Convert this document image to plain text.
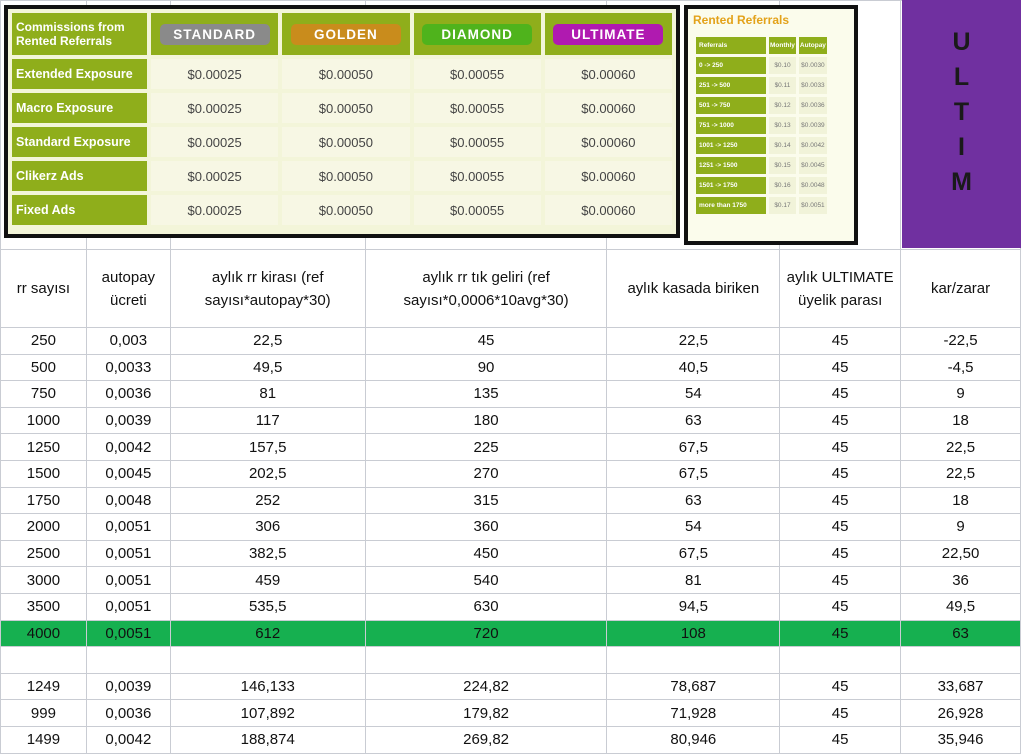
rr sayısı	autopay ücreti	aylık rr kirası (ref sayısı*autopay*30)	aylık rr tık geliri (ref sayısı*0,0006*10avg*30)	aylık kasada biriken	aylık ULTIMATE üyelik parası	kar/zarar
250	0,003	22,5	45	22,5	45	-22,5
500	0,0033	49,5	90	40,5	45	-4,5
750	0,0036	81	135	54	45	9
1000	0,0039	117	180	63	45	18
1250	0,0042	157,5	225	67,5	45	22,5
1500	0,0045	202,5	270	67,5	45	22,5
1750	0,0048	252	315	63	45	18
2000	0,0051	306	360	54	45	9
2500	0,0051	382,5	450	67,5	45	22,50
3000	0,0051	459	540	81	45	36
3500	0,0051	535,5	630	94,5	45	49,5
4000	0,0051	612	720	108	45	63

1249	0,0039	146,133	224,82	78,687	45	33,687
999	0,0036	107,892	179,82	71,928	45	26,928
1499	0,0042	188,874	269,82	80,946	45	35,946
Commissions from Rented Referrals	STANDARD	GOLDEN	DIAMOND	ULTIMATE
Extended Exposure	$0.00025	$0.00050	$0.00055	$0.00060
Macro Exposure	$0.00025	$0.00050	$0.00055	$0.00060
Standard Exposure	$0.00025	$0.00050	$0.00055	$0.00060
Clikerz Ads	$0.00025	$0.00050	$0.00055	$0.00060
Fixed Ads	$0.00025	$0.00050	$0.00055	$0.00060
Rented Referrals
Referrals	Monthly	Autopay
0 -> 250	$0.10	$0.0030
251 -> 500	$0.11	$0.0033
501 -> 750	$0.12	$0.0036
751 -> 1000	$0.13	$0.0039
1001 -> 1250	$0.14	$0.0042
1251 -> 1500	$0.15	$0.0045
1501 -> 1750	$0.16	$0.0048
more than 1750	$0.17	$0.0051
U
L
T
I
M
